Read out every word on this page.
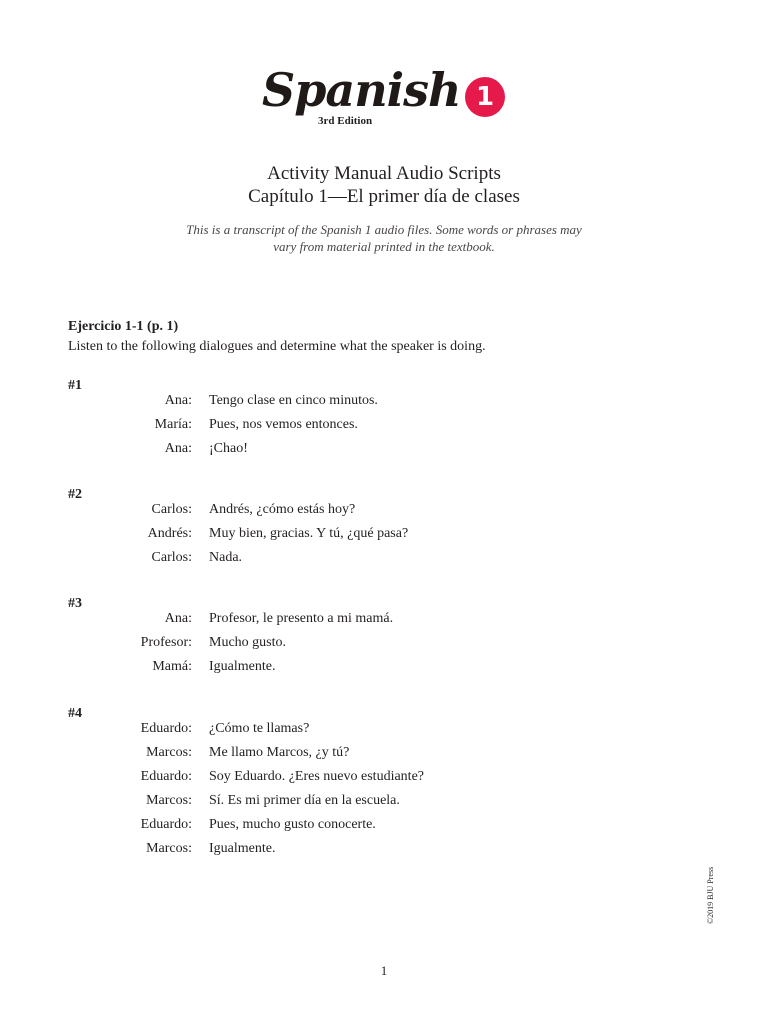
Spanish 1
3rd Edition
Activity Manual Audio Scripts
Capítulo 1—El primer día de clases
This is a transcript of the Spanish 1 audio files. Some words or phrases may
vary from material printed in the textbook.
Ejercicio 1-1 (p. 1)
Listen to the following dialogues and determine what the speaker is doing.
#1
Ana: Tengo clase en cinco minutos.
María: Pues, nos vemos entonces.
Ana: ¡Chao!
#2
Carlos: Andrés, ¿cómo estás hoy?
Andrés: Muy bien, gracias. Y tú, ¿qué pasa?
Carlos: Nada.
#3
Ana: Profesor, le presento a mi mamá.
Profesor: Mucho gusto.
Mamá: Igualmente.
#4
Eduardo: ¿Cómo te llamas?
Marcos: Me llamo Marcos, ¿y tú?
Eduardo: Soy Eduardo. ¿Eres nuevo estudiante?
Marcos: Sí. Es mi primer día en la escuela.
Eduardo: Pues, mucho gusto conocerte.
Marcos: Igualmente.
©2019 BJU Press
1
